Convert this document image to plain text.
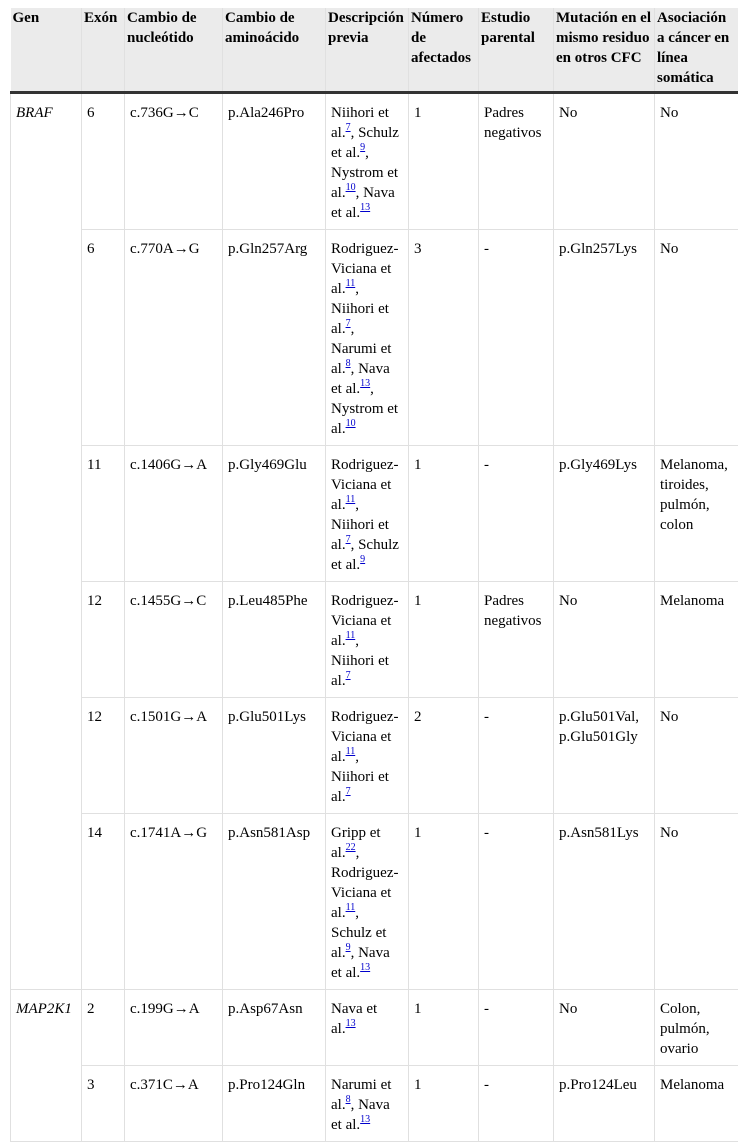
Gen	Exón	Cambio de nucleótido	Cambio de aminoácido	Descripción previa	Número de afectados	Estudio parental	Mutación en el mismo residuo en otros CFC	Asociación a cáncer en línea somática
BRAF	6	c.736G→C	p.Ala246Pro	Niihori et al.$^7$, Schulz et al.$^9$, Nystrom et al.$^{10}$, Nava et al.$^{13}$	1	Padres negativos	No	No
	6	c.770A→G	p.Gln257Arg	Rodriguez-Viciana et al.$^{11}$, Niihori et al.$^7$, Narumi et al.$^8$, Nava et al.$^{13}$, Nystrom et al.$^{10}$	3	-	p.Gln257Lys	No
	11	c.1406G→A	p.Gly469Glu	Rodriguez-Viciana et al.$^{11}$, Niihori et al.$^7$, Schulz et al.$^9$	1	-	p.Gly469Lys	Melanoma, tiroides, pulmón, colon
	12	c.1455G→C	p.Leu485Phe	Rodriguez-Viciana et al.$^{11}$, Niihori et al.$^7$	1	Padres negativos	No	Melanoma
	12	c.1501G→A	p.Glu501Lys	Rodriguez-Viciana et al.$^{11}$, Niihori et al.$^7$	2	-	p.Glu501Val, p.Glu501Gly	No
	14	c.1741A→G	p.Asn581Asp	Gripp et al.$^{22}$, Rodriguez-Viciana et al.$^{11}$, Schulz et al.$^9$, Nava et al.$^{13}$	1	-	p.Asn581Lys	No
MAP2K1	2	c.199G→A	p.Asp67Asn	Nava et al.$^{13}$	1	-	No	Colon, pulmón, ovario
	3	c.371C→A	p.Pro124Gln	Narumi et al.$^8$, Nava et al.$^{13}$	1	-	p.Pro124Leu	Melanoma
